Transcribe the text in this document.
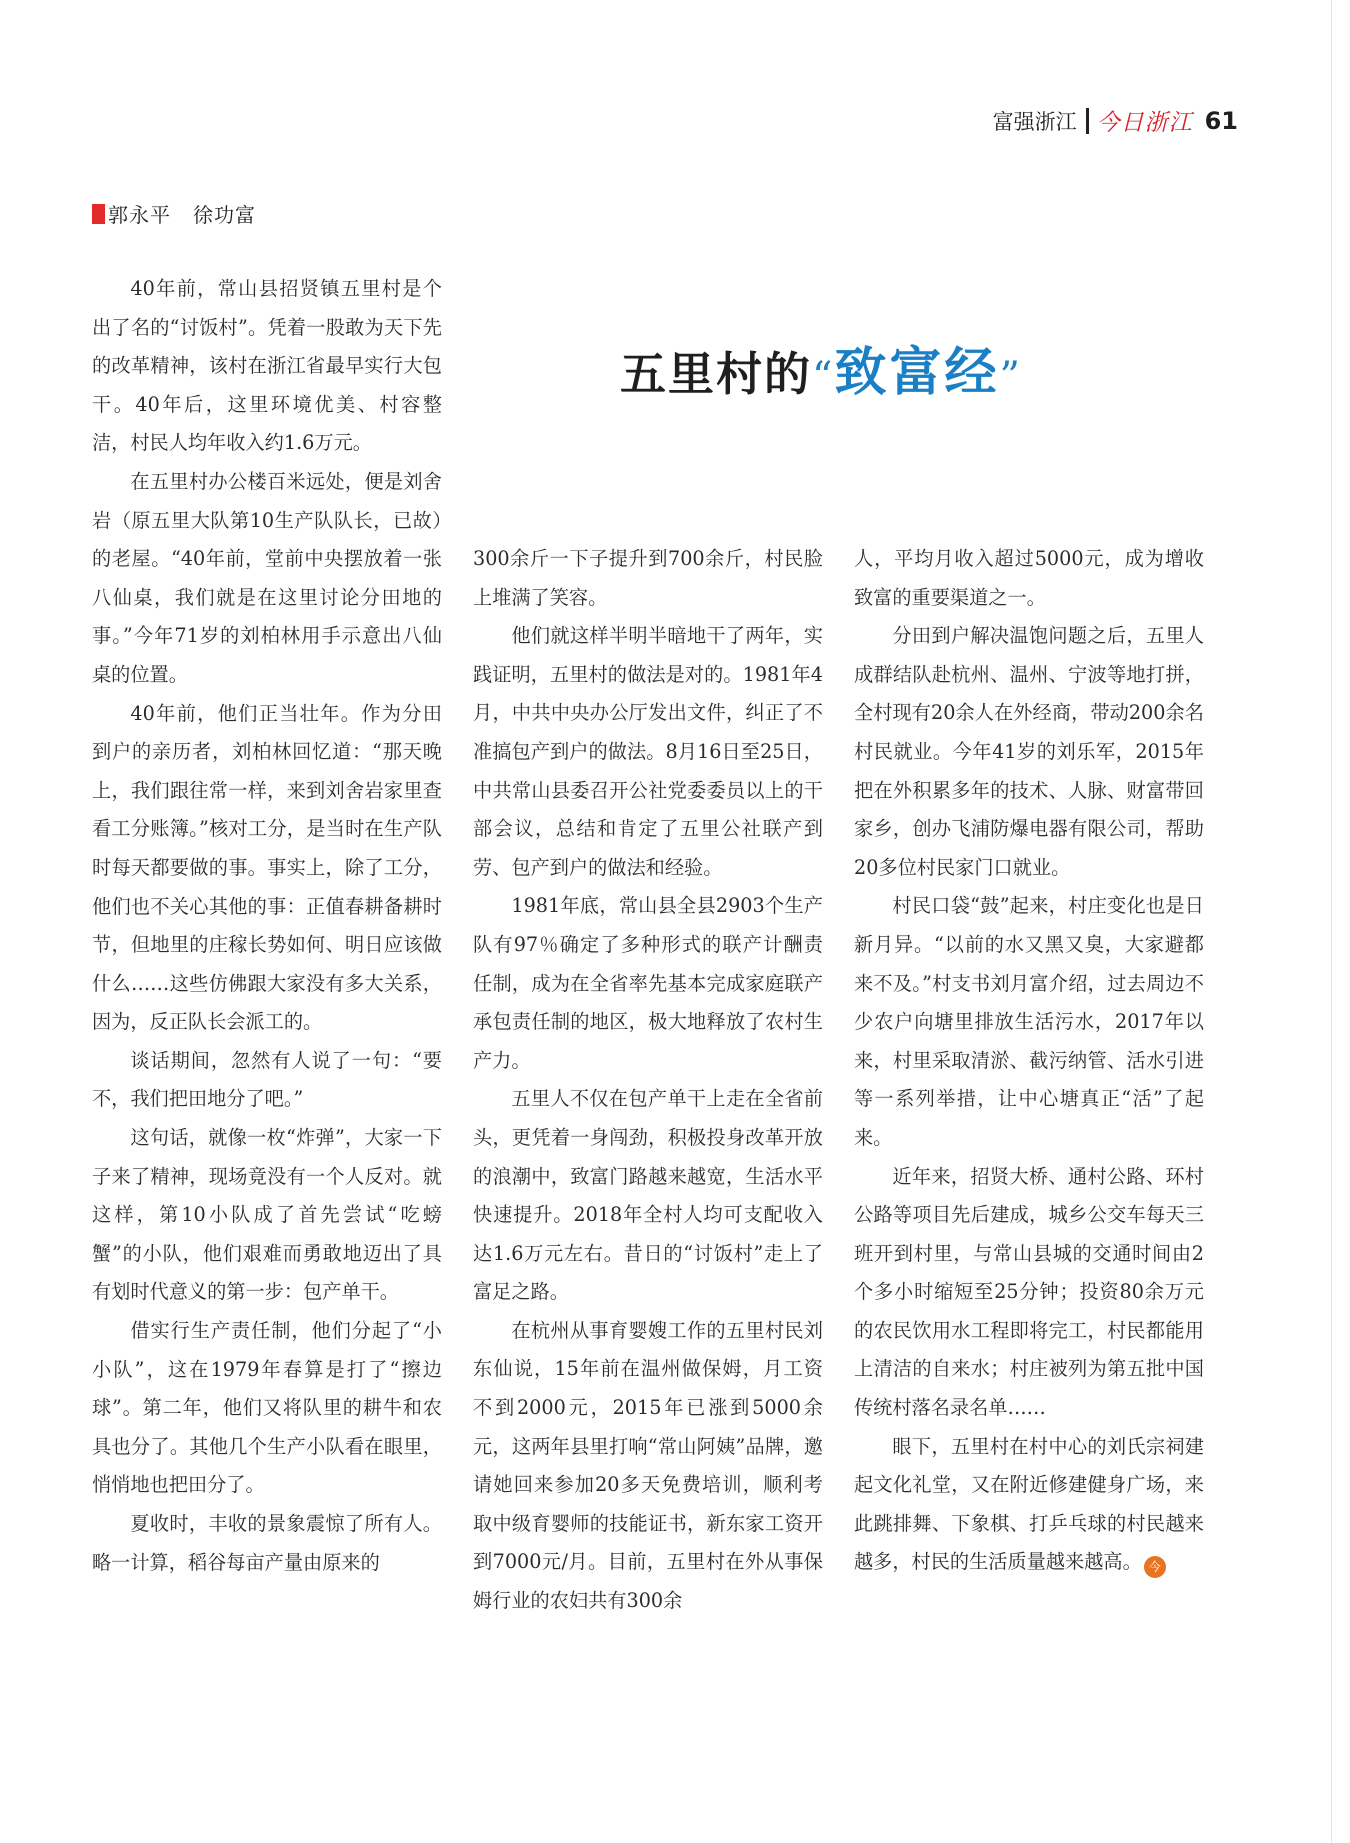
富强浙江 今日浙江 61
郭永平 徐功富
五里村的“致富经”

40年前，常山县招贤镇五里村是个出了名的“讨饭村”。凭着一股敢为天下先的改革精神，该村在浙江省最早实行大包干。40年后，这里环境优美、村容整洁，村民人均年收入约1.6万元。

在五里村办公楼百米远处，便是刘舍岩（原五里大队第10生产队队长，已故）的老屋。“40年前，堂前中央摆放着一张八仙桌，我们就是在这里讨论分田地的事。”今年71岁的刘柏林用手示意出八仙桌的位置。

40年前，他们正当壮年。作为分田到户的亲历者，刘柏林回忆道：“那天晚上，我们跟往常一样，来到刘舍岩家里查看工分账簿。”核对工分，是当时在生产队时每天都要做的事。事实上，除了工分，他们也不关心其他的事：正值春耕备耕时节，但地里的庄稼长势如何、明日应该做什么……这些仿佛跟大家没有多大关系，因为，反正队长会派工的。

谈话期间，忽然有人说了一句：“要不，我们把田地分了吧。”

这句话，就像一枚“炸弹”，大家一下子来了精神，现场竟没有一个人反对。就这样，第10小队成了首先尝试“吃螃蟹”的小队，他们艰难而勇敢地迈出了具有划时代意义的第一步：包产单干。

借实行生产责任制，他们分起了“小小队”，这在1979年春算是打了“擦边球”。第二年，他们又将队里的耕牛和农具也分了。其他几个生产小队看在眼里，悄悄地也把田分了。

夏收时，丰收的景象震惊了所有人。略一计算，稻谷每亩产量由原来的

300余斤一下子提升到700余斤，村民脸上堆满了笑容。

他们就这样半明半暗地干了两年，实践证明，五里村的做法是对的。1981年4月，中共中央办公厅发出文件，纠正了不准搞包产到户的做法。8月16日至25日，中共常山县委召开公社党委委员以上的干部会议，总结和肯定了五里公社联产到劳、包产到户的做法和经验。

1981年底，常山县全县2903个生产队有97％确定了多种形式的联产计酬责任制，成为在全省率先基本完成家庭联产承包责任制的地区，极大地释放了农村生产力。

五里人不仅在包产单干上走在全省前头，更凭着一身闯劲，积极投身改革开放的浪潮中，致富门路越来越宽，生活水平快速提升。2018年全村人均可支配收入达1.6万元左右。昔日的“讨饭村”走上了富足之路。

在杭州从事育婴嫂工作的五里村民刘东仙说，15年前在温州做保姆，月工资不到2000元，2015年已涨到5000余元，这两年县里打响“常山阿姨”品牌，邀请她回来参加20多天免费培训，顺利考取中级育婴师的技能证书，新东家工资开到7000元/月。目前，五里村在外从事保姆行业的农妇共有300余

人，平均月收入超过5000元，成为增收致富的重要渠道之一。

分田到户解决温饱问题之后，五里人成群结队赴杭州、温州、宁波等地打拼，全村现有20余人在外经商，带动200余名村民就业。今年41岁的刘乐军，2015年把在外积累多年的技术、人脉、财富带回家乡，创办飞浦防爆电器有限公司，帮助20多位村民家门口就业。

村民口袋“鼓”起来，村庄变化也是日新月异。“以前的水又黑又臭，大家避都来不及。”村支书刘月富介绍，过去周边不少农户向塘里排放生活污水，2017年以来，村里采取清淤、截污纳管、活水引进等一系列举措，让中心塘真正“活”了起来。

近年来，招贤大桥、通村公路、环村公路等项目先后建成，城乡公交车每天三班开到村里，与常山县城的交通时间由2个多小时缩短至25分钟；投资80余万元的农民饮用水工程即将完工，村民都能用上清洁的自来水；村庄被列为第五批中国传统村落名录名单……

眼下，五里村在村中心的刘氏宗祠建起文化礼堂，又在附近修建健身广场，来此跳排舞、下象棋、打乒乓球的村民越来越多，村民的生活质量越来越高。 今
